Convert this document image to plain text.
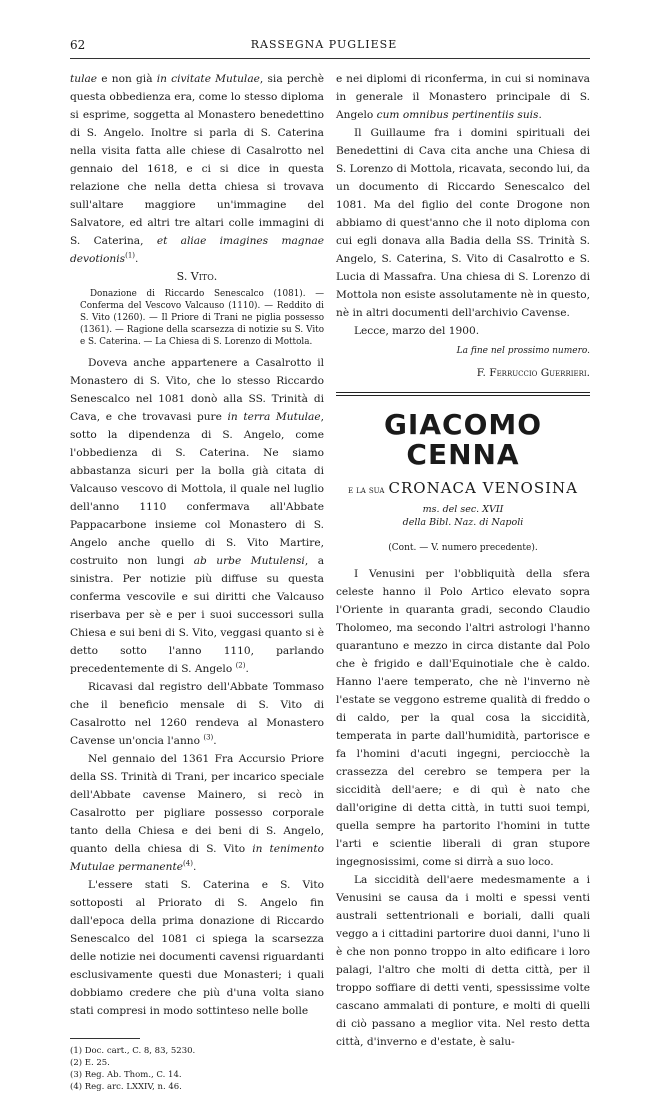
62	RASSEGNA PUGLIESE

tulae e non già in civitate Mutulae, sia perchè questa obbedienza era, come lo stesso diploma si esprime, soggetta al Monastero benedettino di S. Angelo. Inoltre si parla di S. Caterina nella visita fatta alle chiese di Casalrotto nel gennaio del 1618, e ci si dice in questa relazione che nella detta chiesa si trovava sull'altare maggiore un'immagine del Salvatore, ed altri tre altari colle immagini di S. Caterina, et aliae imagines magnae devotionis$^{(1)}$.

S. Vito.

Donazione di Riccardo Senescalco (1081). — Conferma del Vescovo Valcauso (1110). — Reddito di S. Vito (1260). — Il Priore di Trani ne piglia possesso (1361). — Ragione della scarsezza di notizie su S. Vito e S. Caterina. — La Chiesa di S. Lorenzo di Mottola.

Doveva anche appartenere a Casalrotto il Monastero di S. Vito, che lo stesso Riccardo Senescalco nel 1081 donò alla SS. Trinità di Cava, e che trovavasi pure in terra Mutulae, sotto la dipendenza di S. Angelo, come l'obbedienza di S. Caterina. Ne siamo abbastanza sicuri per la bolla già citata di Valcauso vescovo di Mottola, il quale nel luglio dell'anno 1110 confermava all'Abbate Pappacarbone insieme col Monastero di S. Angelo anche quello di S. Vito Martire, costruito non lungi ab urbe Mutulensi, a sinistra. Per notizie più diffuse su questa conferma vescovile e sui diritti che Valcauso riserbava per sè e per i suoi successori sulla Chiesa e sui beni di S. Vito, veggasi quanto si è detto sotto l'anno 1110, parlando precedentemente di S. Angelo $^{(2)}$.

Ricavasi dal registro dell'Abbate Tommaso che il beneficio mensale di S. Vito di Casalrotto nel 1260 rendeva al Monastero Cavense un'oncia l'anno $^{(3)}$.

Nel gennaio del 1361 Fra Accursio Priore della SS. Trinità di Trani, per incarico speciale dell'Abbate cavense Mainero, si recò in Casalrotto per pigliare possesso corporale tanto della Chiesa e dei beni di S. Angelo, quanto della chiesa di S. Vito in tenimento Mutulae permanente$^{(4)}$.

L'essere stati S. Caterina e S. Vito sottoposti al Priorato di S. Angelo fin dall'epoca della prima donazione di Riccardo Senescalco del 1081 ci spiega la scarsezza delle notizie nei documenti cavensi riguardanti esclusivamente questi due Monasteri; i quali dobbiamo credere che più d'una volta siano stati compresi in modo sottinteso nelle bolle

(1) Doc. cart., C. 8, 83, 5230.

(2) E. 25.

(3) Reg. Ab. Thom., C. 14.

(4) Reg. arc. LXXIV, n. 46.

e nei diplomi di riconferma, in cui si nominava in generale il Monastero principale di S. Angelo cum omnibus pertinentiis suis.

Il Guillaume fra i domini spirituali dei Benedettini di Cava cita anche una Chiesa di S. Lorenzo di Mottola, ricavata, secondo lui, da un documento di Riccardo Senescalco del 1081. Ma del figlio del conte Drogone non abbiamo di quest'anno che il noto diploma con cui egli donava alla Badia della SS. Trinità S. Angelo, S. Caterina, S. Vito di Casalrotto e S. Lucia di Massafra. Una chiesa di S. Lorenzo di Mottola non esiste assolutamente nè in questo, nè in altri documenti dell'archivio Cavense.

Lecce, marzo del 1900.

La fine nel prossimo numero.

F. Ferruccio Guerrieri.

GIACOMO CENNA

e la sua CRONACA VENOSINA

ms. del sec. XVII

della Bibl. Naz. di Napoli

(Cont. — V. numero precedente).

I Venusini per l'obbliquità della sfera celeste hanno il Polo Artico elevato sopra l'Oriente in quaranta gradi, secondo Claudio Tholomeo, ma secondo l'altri astrologi l'hanno quarantuno e mezzo in circa distante dal Polo che è frigido e dall'Equinotiale che è caldo. Hanno l'aere temperato, che nè l'inverno nè l'estate se veggono estreme qualità di freddo o di caldo, per la qual cosa la siccidità, temperata in parte dall'humidità, partorisce e fa l'homini d'acuti ingegni, perciocchè la crassezza del cerebro se tempera per la siccidità dell'aere; e di quì è nato che dall'origine di detta città, in tutti suoi tempi, quella sempre ha partorito l'homini in tutte l'arti e scientie liberali di gran stupore ingegnosissimi, come si dirrà a suo loco.

La siccidità dell'aere medesmamente a i Venusini se causa da i molti e spessi venti australi settentrionali e boriali, dalli quali veggo a i cittadini partorire duoi danni, l'uno li è che non ponno troppo in alto edificare i loro palagi, l'altro che molti di detta città, per il troppo soffiare di detti venti, spessissime volte cascano ammalati di ponture, e molti di quelli di ciò passano a meglior vita. Nel resto detta città, d'inverno e d'estate, è salu-
